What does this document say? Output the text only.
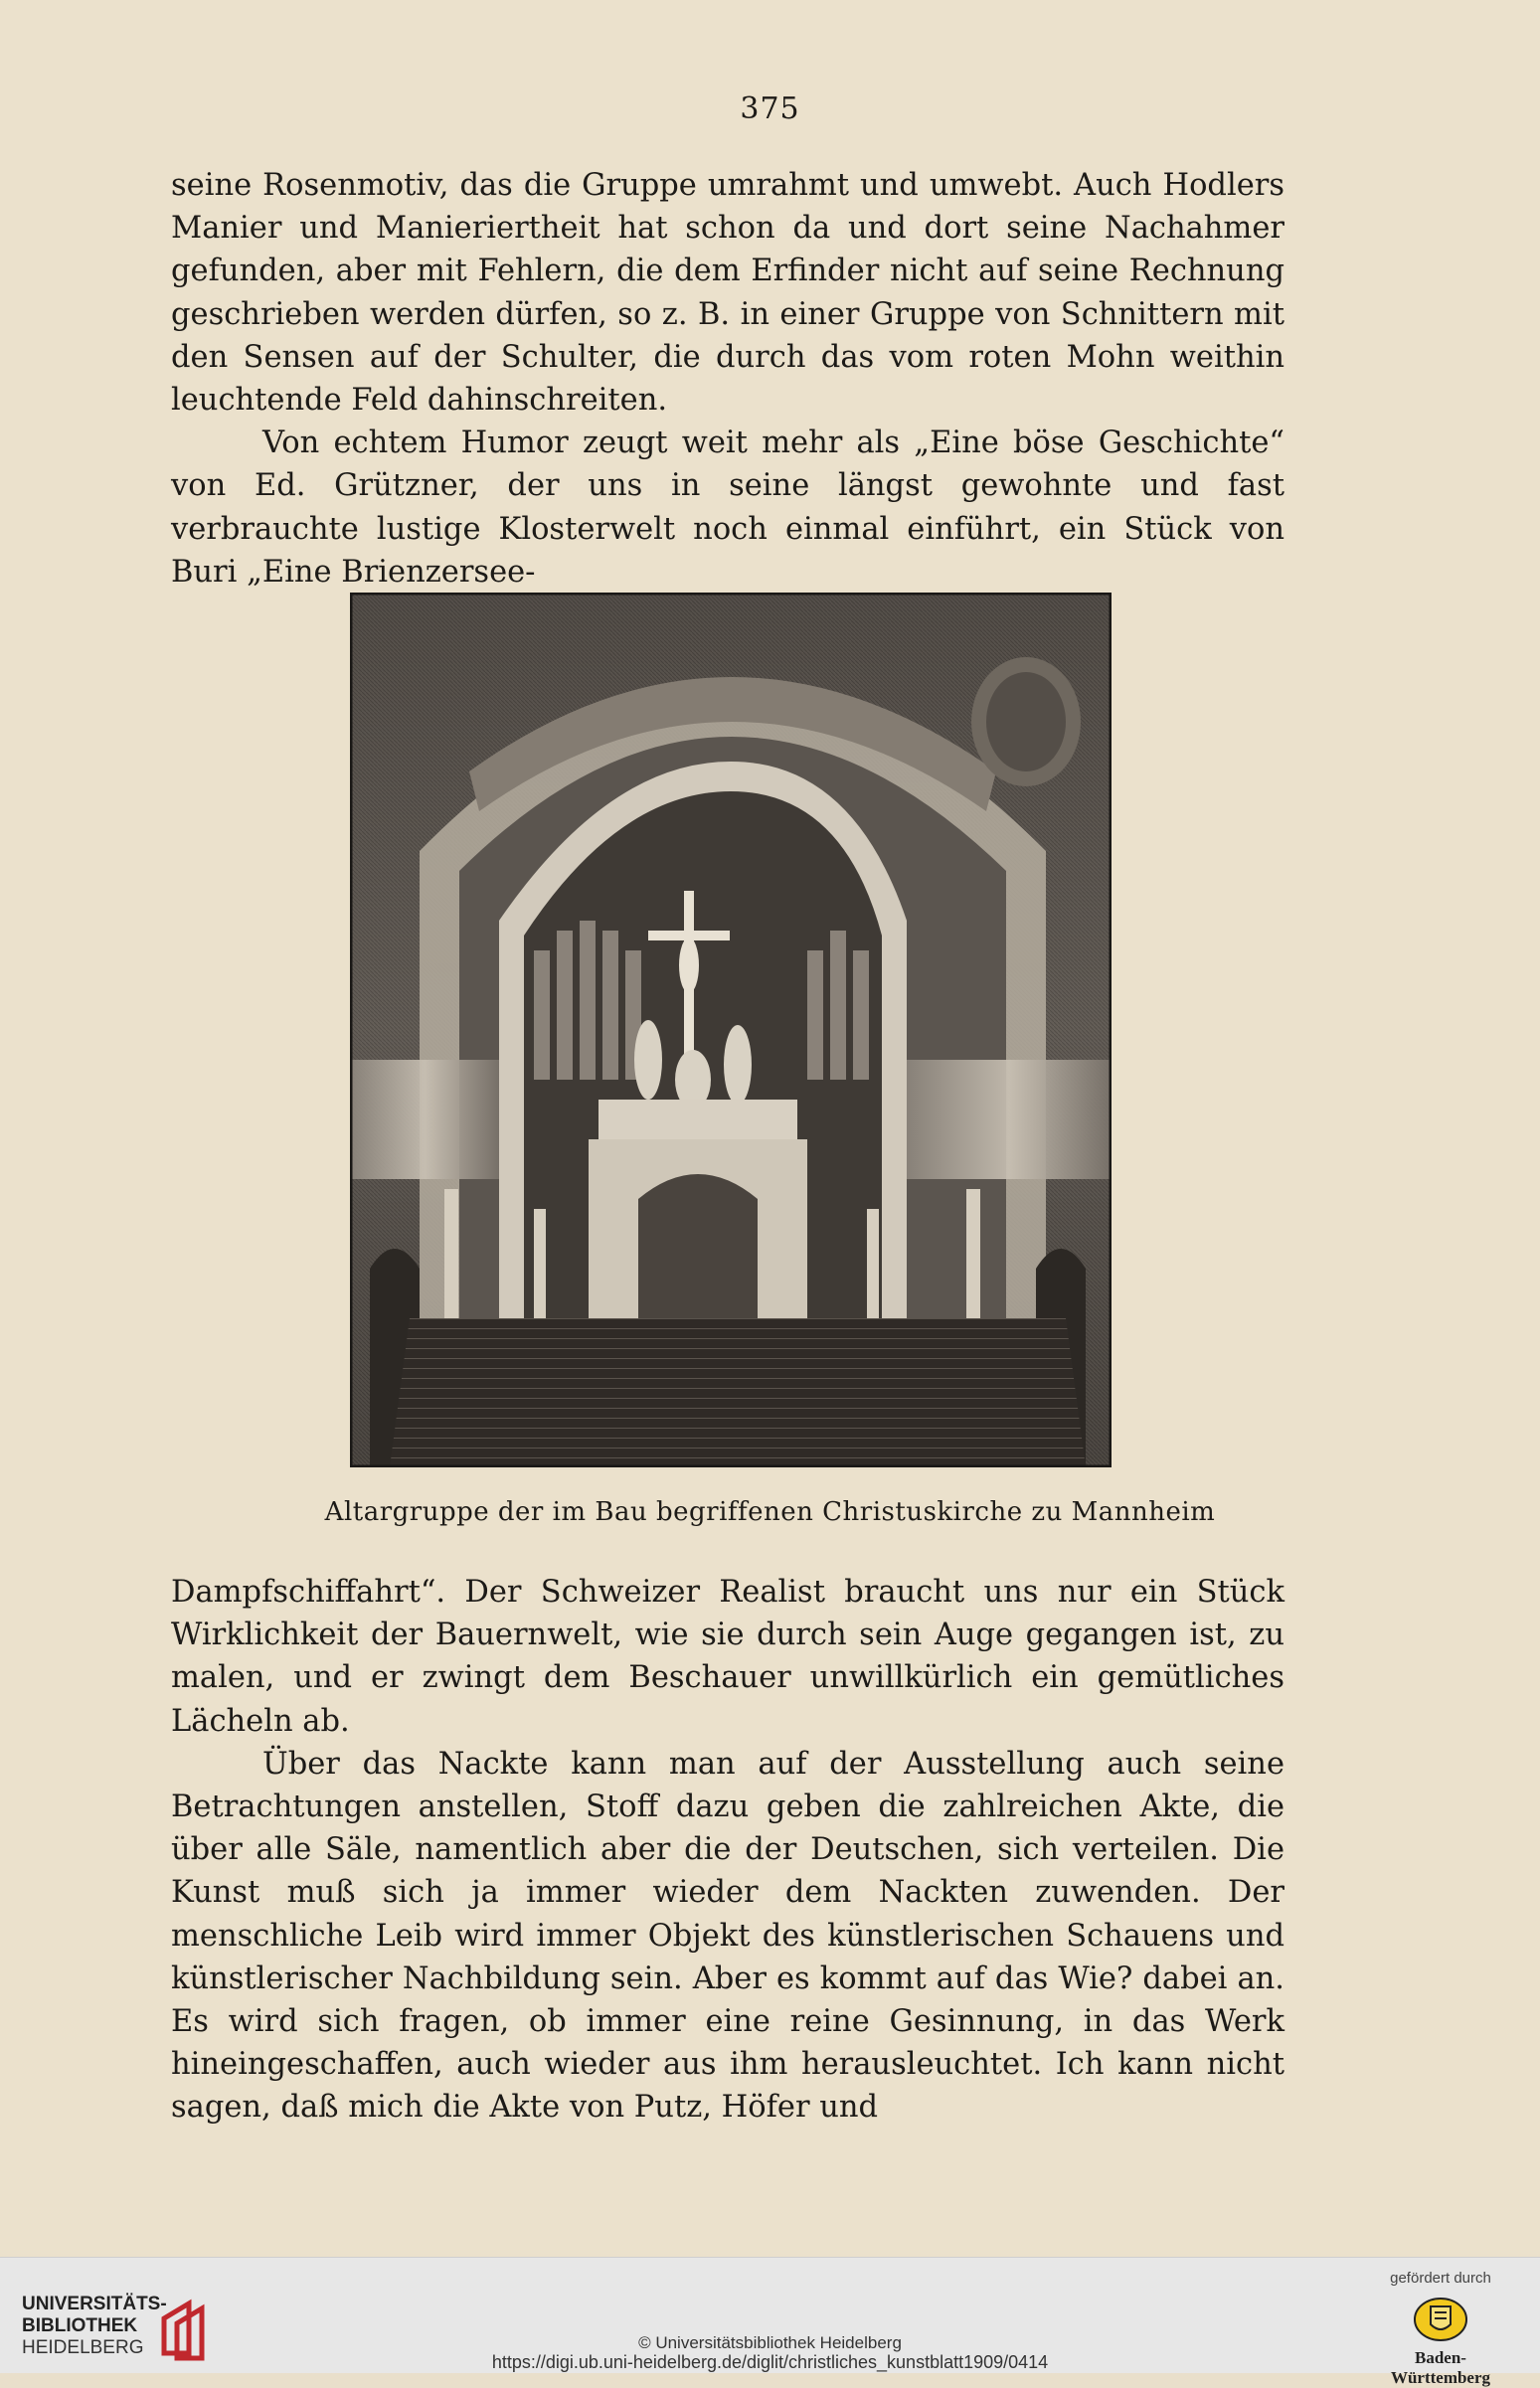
375

seine Rosenmotiv, das die Gruppe umrahmt und umwebt. Auch Hodlers Manier und Manieriertheit hat schon da und dort seine Nachahmer gefunden, aber mit Fehlern, die dem Erfinder nicht auf seine Rechnung geschrieben werden dürfen, so z. B. in einer Gruppe von Schnittern mit den Sensen auf der Schulter, die durch das vom roten Mohn weithin leuchtende Feld dahinschreiten.

Von echtem Humor zeugt weit mehr als „Eine böse Geschichte“ von Ed. Grützner, der uns in seine längst gewohnte und fast verbrauchte lustige Klosterwelt noch einmal einführt, ein Stück von Buri „Eine Brienzersee-

Altargruppe der im Bau begriffenen Christuskirche zu Mannheim

Dampfschiffahrt“. Der Schweizer Realist braucht uns nur ein Stück Wirklichkeit der Bauernwelt, wie sie durch sein Auge gegangen ist, zu malen, und er zwingt dem Beschauer unwillkürlich ein gemütliches Lächeln ab.

Über das Nackte kann man auf der Ausstellung auch seine Betrachtungen anstellen, Stoff dazu geben die zahlreichen Akte, die über alle Säle, namentlich aber die der Deutschen, sich verteilen. Die Kunst muß sich ja immer wieder dem Nackten zuwenden. Der menschliche Leib wird immer Objekt des künstlerischen Schauens und künstlerischer Nachbildung sein. Aber es kommt auf das Wie? dabei an. Es wird sich fragen, ob immer eine reine Gesinnung, in das Werk hineingeschaffen, auch wieder aus ihm herausleuchtet. Ich kann nicht sagen, daß mich die Akte von Putz, Höfer und

UNIVERSITÄTS-
BIBLIOTHEK
HEIDELBERG	© Universitätsbibliothek Heidelberg
https://digi.ub.uni-heidelberg.de/diglit/christliches_kunstblatt1909/0414
gefördert durch
Baden-Württemberg
